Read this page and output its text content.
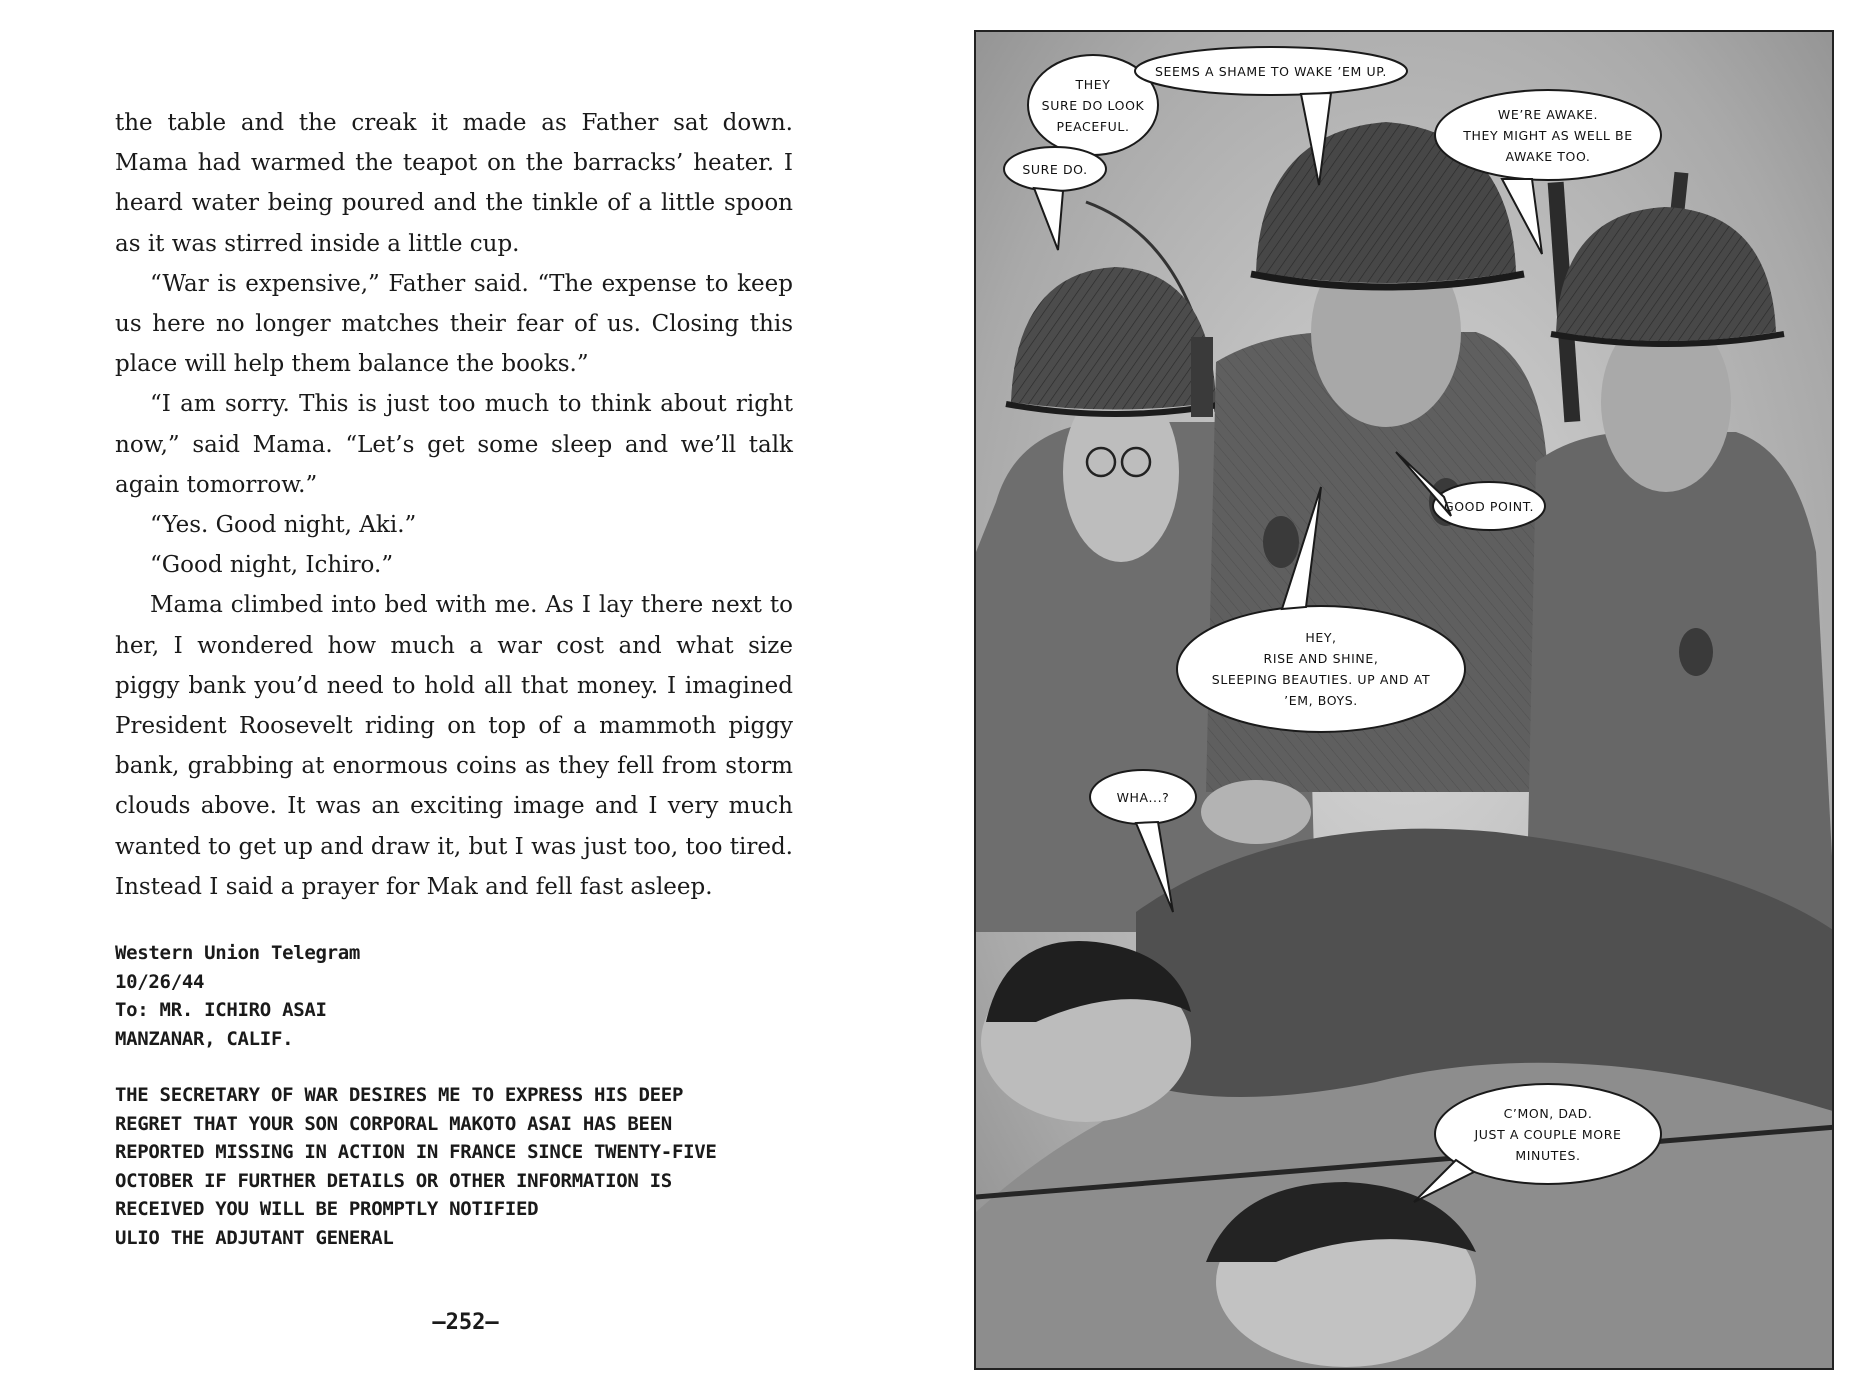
the table and the creak it made as Father sat down. Mama had warmed the teapot on the barracks’ heater. I heard water being poured and the tinkle of a little spoon as it was stirred inside a little cup.

“War is expensive,” Father said. “The expense to keep us here no longer matches their fear of us. Closing this place will help them balance the books.”

“I am sorry. This is just too much to think about right now,” said Mama. “Let’s get some sleep and we’ll talk again tomorrow.”

“Yes. Good night, Aki.”

“Good night, Ichiro.”

Mama climbed into bed with me. As I lay there next to her, I wondered how much a war cost and what size piggy bank you’d need to hold all that money. I imagined President Roosevelt riding on top of a mammoth piggy bank, grabbing at enormous coins as they fell from storm clouds above. It was an exciting image and I very much wanted to get up and draw it, but I was just too, too tired. Instead I said a prayer for Mak and fell fast asleep.

Western Union Telegram
10/26/44
To: MR. ICHIRO ASAI
MANZANAR, CALIF.
THE SECRETARY OF WAR DESIRES ME TO EXPRESS HIS DEEP
REGRET THAT YOUR SON CORPORAL MAKOTO ASAI HAS BEEN
REPORTED MISSING IN ACTION IN FRANCE SINCE TWENTY-FIVE
OCTOBER IF FURTHER DETAILS OR OTHER INFORMATION IS
RECEIVED YOU WILL BE PROMPTLY NOTIFIED
ULIO THE ADJUTANT GENERAL
–252–
THEY
SURE DO LOOK
PEACEFUL.
SEEMS A SHAME TO WAKE ’EM UP.
WE’RE AWAKE.
THEY MIGHT AS WELL BE
AWAKE TOO.
SURE DO.
GOOD POINT.
HEY,
RISE AND SHINE,
SLEEPING BEAUTIES. UP AND AT
’EM, BOYS.
WHA...?
C’MON, DAD.
JUST A COUPLE MORE
MINUTES.
